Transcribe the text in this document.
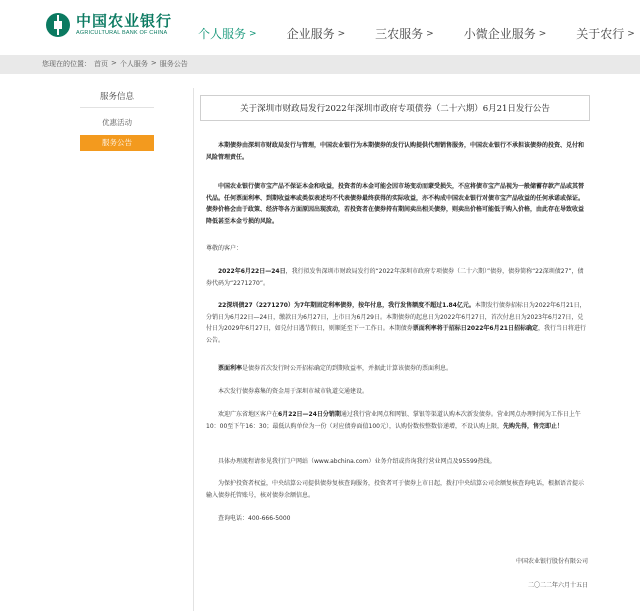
中国农业银行
AGRICULTURAL BANK OF CHINA	个人服务 >	企业服务 >	三农服务 >	小微企业服务 >	关于农行 >
您现在的位置： 首页 > 个人服务 > 服务公告
服务信息
优惠活动
服务公告
关于深圳市财政局发行2022年深圳市政府专项债券（二十六期）6月21日发行公告
本期债券由深圳市财政局发行与管理，中国农业银行为本期债券的发行认购提供代理销售服务，中国农业银行不承担该债券的投资、兑付和风险管理责任。
中国农业银行债市宝产品不保证本金和收益，投资者的本金可能会因市场变动而蒙受损失，不应将债市宝产品视为一般储蓄存款产品或其替代品。任何票面利率、到期收益率或类似表述均不代表债券最终获得的实际收益，亦不构成中国农业银行对债市宝产品收益的任何承诺或保证。债券价格会由于政策、经济等各方面原因出现波动，若投资者在债券持有期间卖出相关债券，则卖出价格可能低于购入价格，由此存在导致收益降低甚至本金亏损的风险。
尊敬的客户：
2022年6月22日—24日，我行拟发售深圳市财政局发行的“2022年深圳市政府专项债券（二十六期）”债券，债券简称“22深圳债27”，债券代码为“2271270”。
22深圳债27（2271270）为7年期固定利率债券，按年付息，我行发售额度不超过1.84亿元。本期发行债券招标日为2022年6月21日，分销日为6月22日—24日，缴款日为6月27日，上市日为6月29日。本期债券的起息日为2022年6月27日，首次付息日为2023年6月27日，兑付日为2029年6月27日，如兑付日遇节假日，则顺延至下一工作日。本期债券票面利率将于招标日2022年6月21日招标确定，我行当日将进行公告。
票面利率是债券首次发行时公开招标确定的到期收益率，并据此计算该债券的票面利息。
本次发行债券募集的资金用于深圳市城市轨道交通建设。
欢迎广东省地区客户在6月22日—24日分销期通过我行营业网点和网银、掌银等渠道认购本次新发债券。营业网点办理时间为工作日上午10：00至下午16：30；最低认购单位为一份（对应债券面值100元），认购份数按整数倍递增，不设认购上限，先购先得，售完即止！
具体办理流程请参见我行门户网站（www.abchina.com）业务介绍或咨询我行营业网点及95599热线。
为保护投资者权益，中央结算公司提供债券复核查询服务，投资者可于债券上市日起，拨打中央结算公司余额复核查询电话，根据语音提示输入债券托管账号，核对债券余额信息。
查询电话：400-666-5000
中国农业银行股份有限公司
二〇二二年六月十五日
